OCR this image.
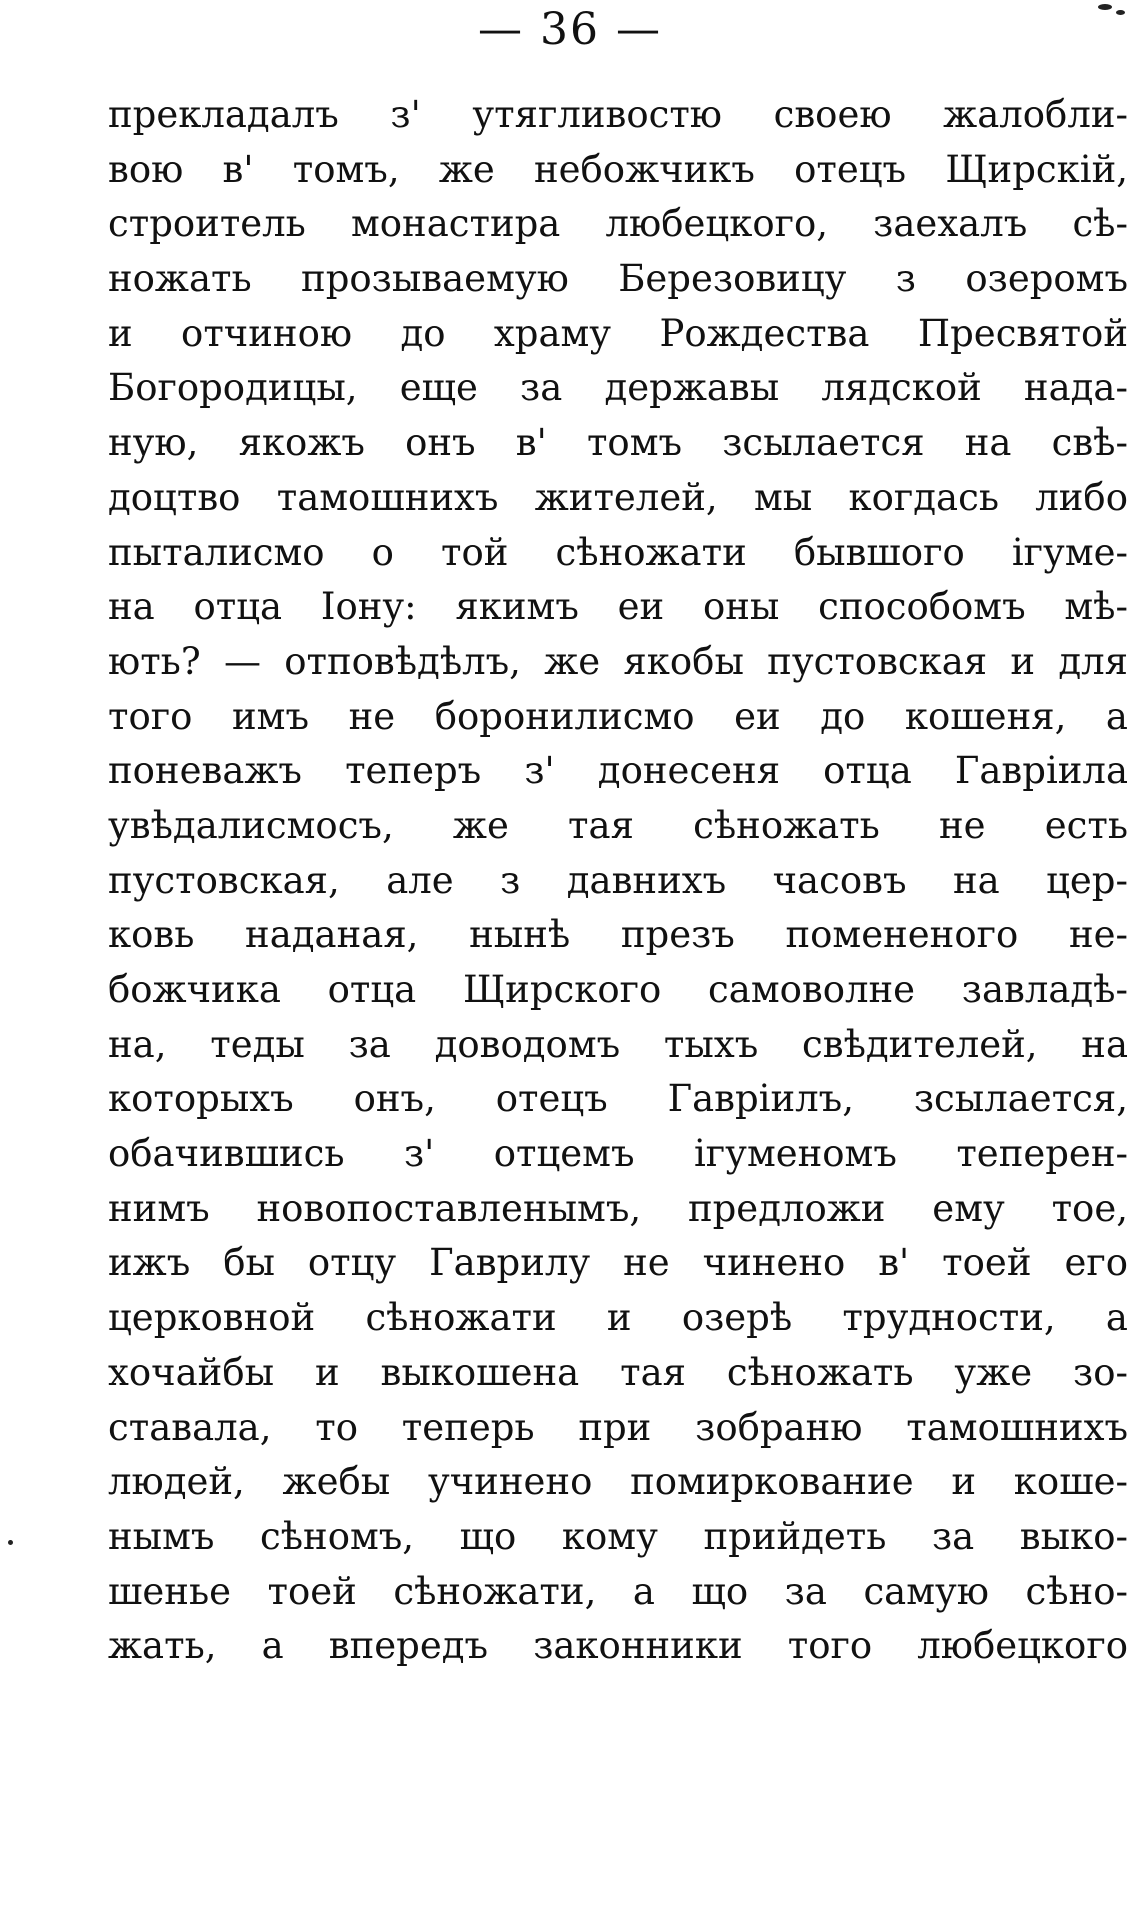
— 36 —
прекладалъ з' утягливостю своею жалобли-
вою в' томъ, же небожчикъ отецъ Щирскій,
строитель монастира любецкого, заехалъ сѣ-
ножать прозываемую Березовицу з озеромъ
и отчиною до храму Рождества Пресвятой
Богородицы, еще за державы лядской нада-
ную, якожъ онъ в' томъ зсылается на свѣ-
доцтво тамошнихъ жителей, мы когдась либо
пыталисмо о той сѣножати бывшого ігуме-
на отца Іону: якимъ еи оны способомъ мѣ-
ють? — отповѣдѣлъ, же якобы пустовская и для
того имъ не боронилисмо еи до кошеня, а
поневажъ теперъ з' донесеня отца Гавріила
увѣдалисмосъ, же тая сѣножать не есть
пустовская, але з давнихъ часовъ на цер-
ковь наданая, нынѣ презъ помененого не-
божчика отца Щирского самоволне завладѣ-
на, теды за доводомъ тыхъ свѣдителей, на
которыхъ онъ, отецъ Гавріилъ, зсылается,
обачившись з' отцемъ ігуменомъ теперен-
нимъ новопоставленымъ, предложи ему тое,
ижъ бы отцу Гаврилу не чинено в' тоей его
церковной сѣножати и озерѣ трудности, а
хочайбы и выкошена тая сѣножать уже зо-
ставала, то теперь при зобраню тамошнихъ
людей, жебы учинено помиркование и коше-
нымъ сѣномъ, що кому прийдеть за выко-
шенье тоей сѣножати, а що за самую сѣно-
жать, а впередъ законники того любецкого
